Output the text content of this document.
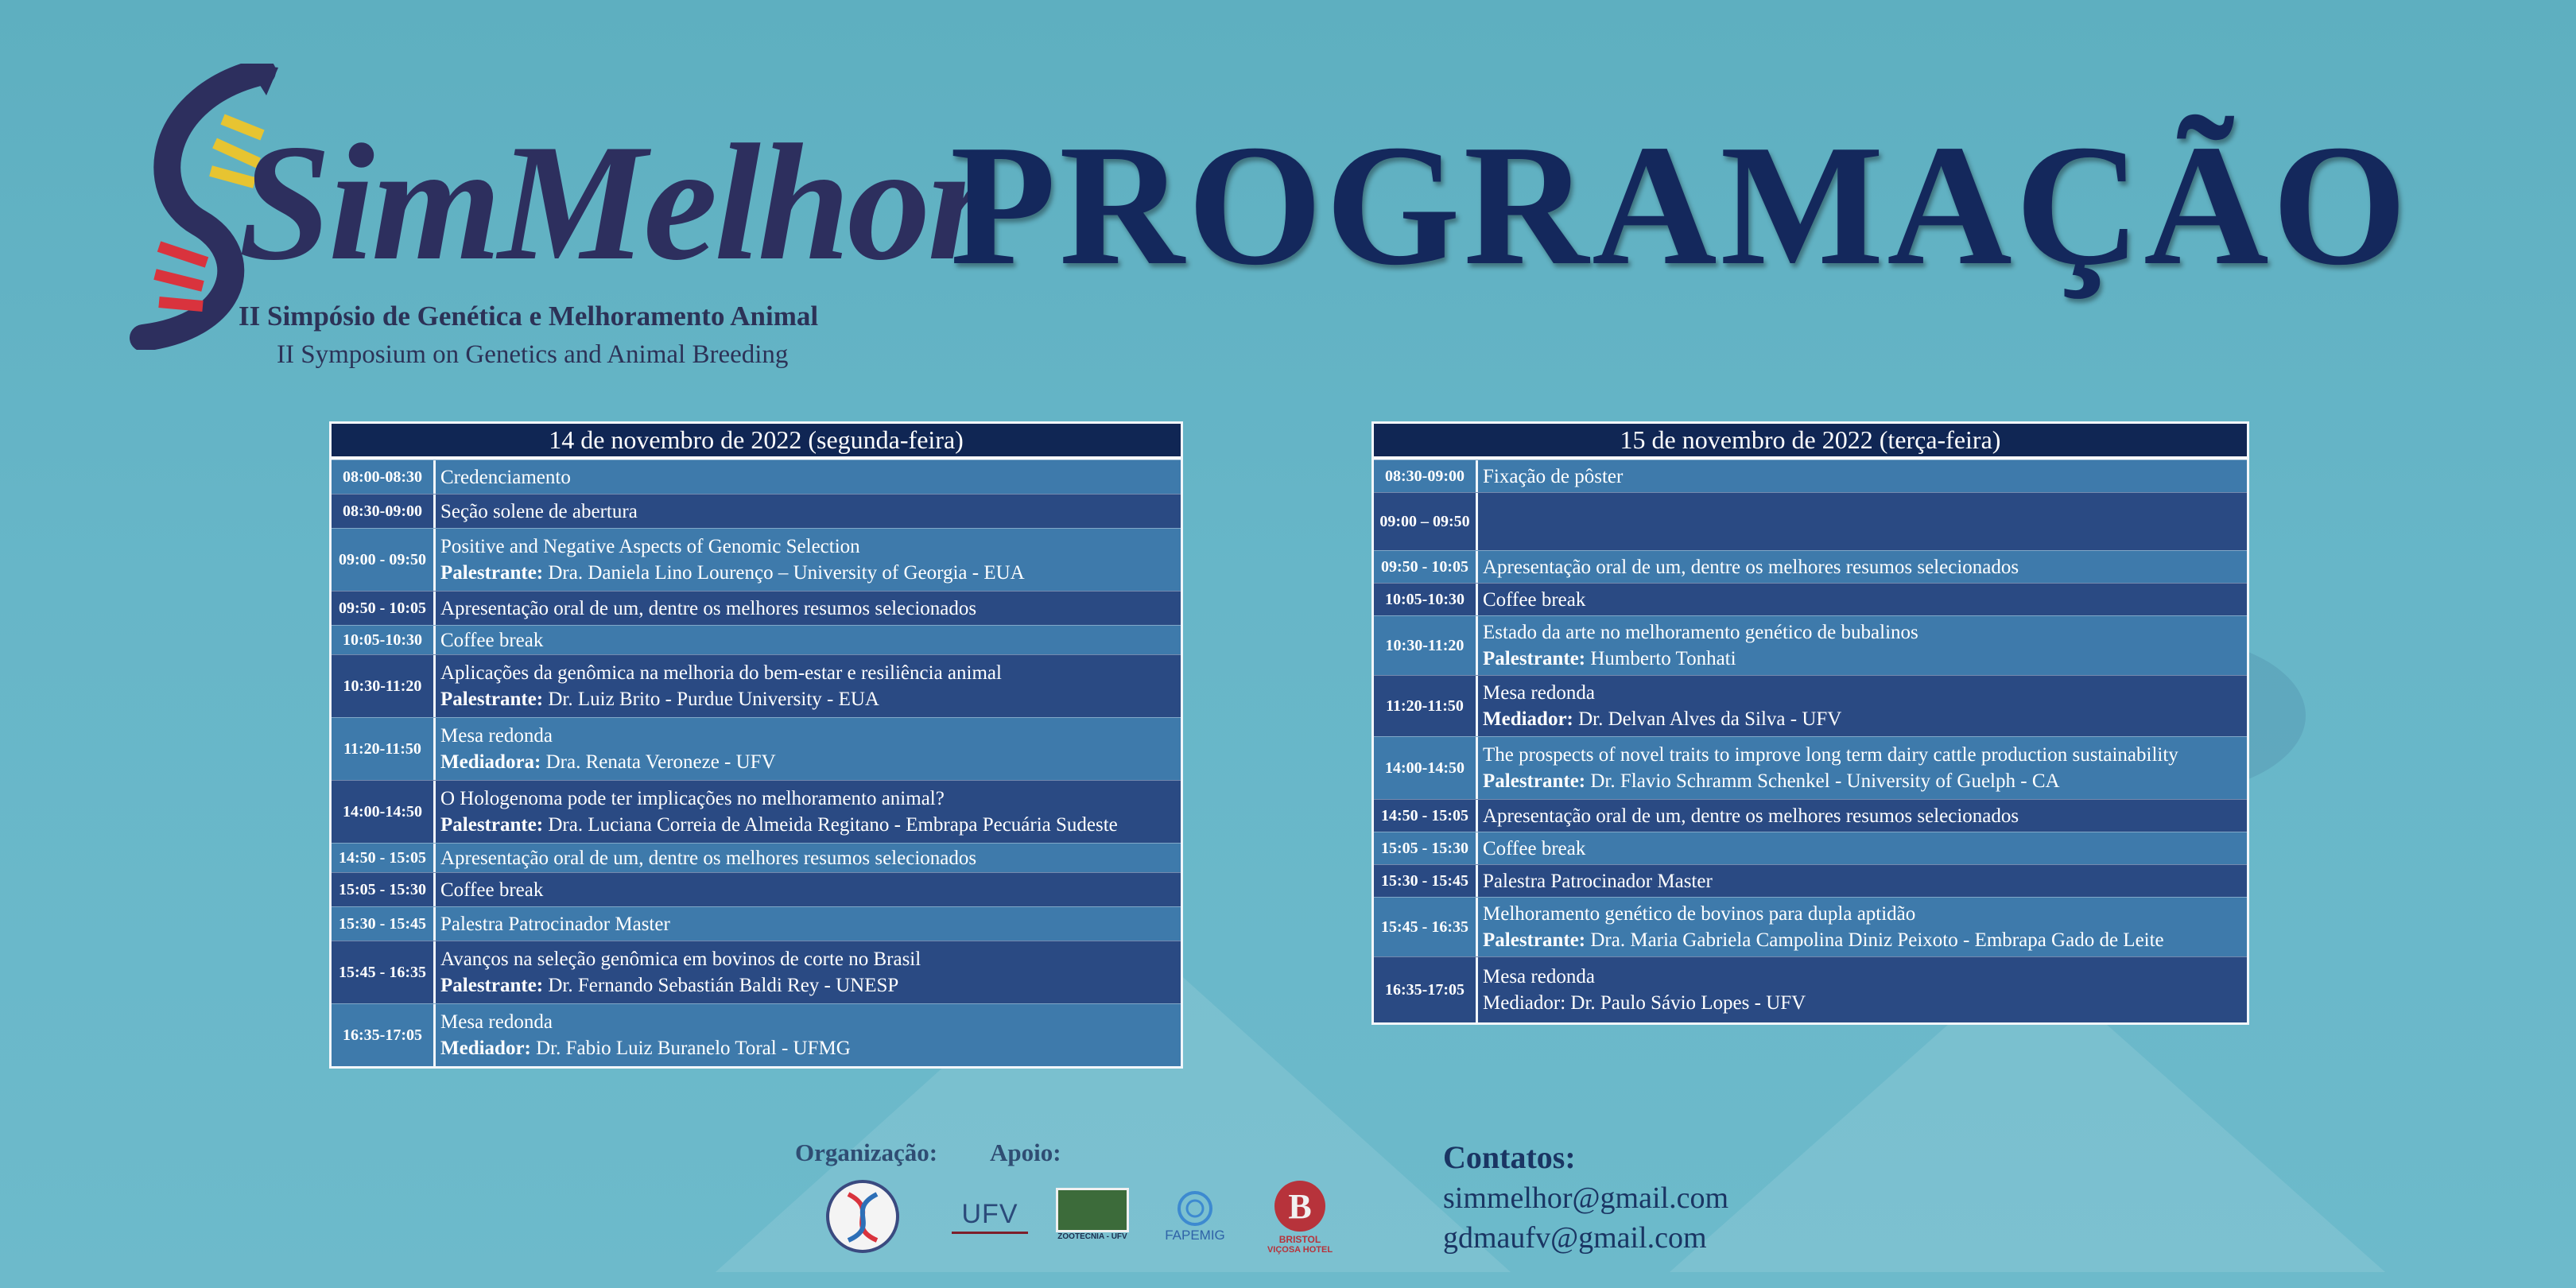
SimMelhor
II Simpósio de Genética e Melhoramento Animal
II Symposium on Genetics and Animal Breeding
PROGRAMAÇÃO
14 de novembro de 2022 (segunda-feira)
08:00-08:30 Credenciamento
08:30-09:00 Seção solene de abertura
09:00 - 09:50
Positive and Negative Aspects of Genomic Selection
Palestrante: Dra. Daniela Lino Lourenço – University of Georgia - EUA
09:50 - 10:05 Apresentação oral de um, dentre os melhores resumos selecionados
10:05-10:30 Coffee break
10:30-11:20
Aplicações da genômica na melhoria do bem-estar e resiliência animal
Palestrante: Dr. Luiz Brito - Purdue University - EUA
11:20-11:50
Mesa redonda
Mediadora: Dra. Renata Veroneze - UFV
14:00-14:50
O Hologenoma pode ter implicações no melhoramento animal?
Palestrante: Dra. Luciana Correia de Almeida Regitano - Embrapa Pecuária Sudeste
14:50 - 15:05 Apresentação oral de um, dentre os melhores resumos selecionados
15:05 - 15:30 Coffee break
15:30 - 15:45 Palestra Patrocinador Master
15:45 - 16:35
Avanços na seleção genômica em bovinos de corte no Brasil
Palestrante: Dr. Fernando Sebastián Baldi Rey - UNESP
16:35-17:05
Mesa redonda
Mediador: Dr. Fabio Luiz Buranelo Toral - UFMG
15 de novembro de 2022 (terça-feira)
08:30-09:00 Fixação de pôster
09:00 – 09:50
09:50 - 10:05 Apresentação oral de um, dentre os melhores resumos selecionados
10:05-10:30 Coffee break
10:30-11:20
Estado da arte no melhoramento genético de bubalinos
Palestrante: Humberto Tonhati
11:20-11:50
Mesa redonda
Mediador: Dr. Delvan Alves da Silva - UFV
14:00-14:50
The prospects of novel traits to improve long term dairy cattle production sustainability
Palestrante: Dr. Flavio Schramm Schenkel - University of Guelph - CA
14:50 - 15:05 Apresentação oral de um, dentre os melhores resumos selecionados
15:05 - 15:30 Coffee break
15:30 - 15:45 Palestra Patrocinador Master
15:45 - 16:35
Melhoramento genético de bovinos para dupla aptidão
Palestrante: Dra. Maria Gabriela Campolina Diniz Peixoto - Embrapa Gado de Leite
16:35-17:05
Mesa redonda
Mediador: Dr. Paulo Sávio Lopes - UFV
Organização: Apoio:
UFV
ZOOTECNIA - UFV	FAPEMIG
B
BRISTOL
VIÇOSA HOTEL
Contatos:
simmelhor@gmail.com
gdmaufv@gmail.com
